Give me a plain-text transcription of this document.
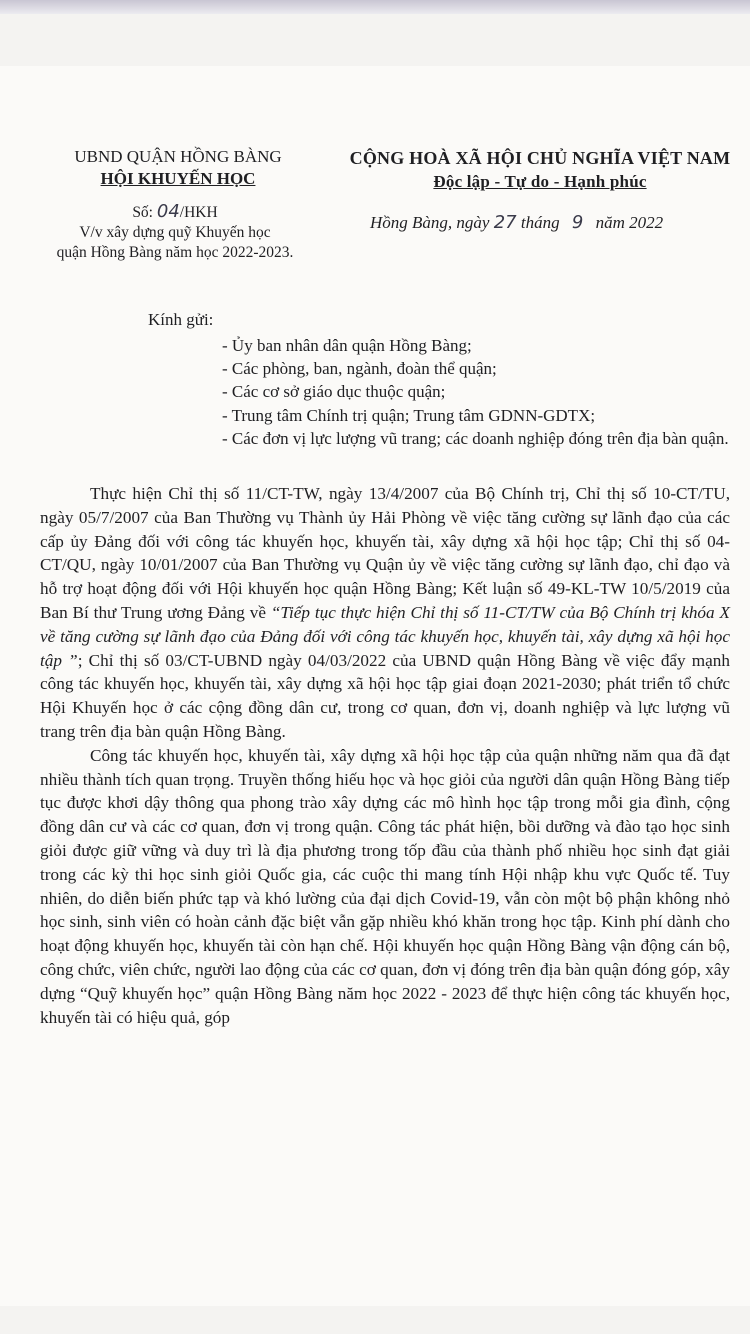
UBND QUẬN HỒNG BÀNG
HỘI KHUYẾN HỌC
CỘNG HOÀ XÃ HỘI CHỦ NGHĨA VIỆT NAM
Độc lập - Tự do - Hạnh phúc
Số: 04/HKH
V/v xây dựng quỹ Khuyến học
quận Hồng Bàng năm học 2022-2023.
Hồng Bàng, ngày 27 tháng 9 năm 2022
Kính gửi:
- Ủy ban nhân dân quận Hồng Bàng;
- Các phòng, ban, ngành, đoàn thể quận;
- Các cơ sở giáo dục thuộc quận;
- Trung tâm Chính trị quận; Trung tâm GDNN-GDTX;
- Các đơn vị lực lượng vũ trang; các doanh nghiệp đóng trên địa bàn quận.

Thực hiện Chỉ thị số 11/CT-TW, ngày 13/4/2007 của Bộ Chính trị, Chỉ thị số 10-CT/TU, ngày 05/7/2007 của Ban Thường vụ Thành ủy Hải Phòng về việc tăng cường sự lãnh đạo của các cấp ủy Đảng đối với công tác khuyến học, khuyến tài, xây dựng xã hội học tập; Chỉ thị số 04-CT/QU, ngày 10/01/2007 của Ban Thường vụ Quận ủy về việc tăng cường sự lãnh đạo, chỉ đạo và hỗ trợ hoạt động đối với Hội khuyến học quận Hồng Bàng; Kết luận số 49-KL-TW 10/5/2019 của Ban Bí thư Trung ương Đảng về “Tiếp tục thực hiện Chỉ thị số 11-CT/TW của Bộ Chính trị khóa X về tăng cường sự lãnh đạo của Đảng đối với công tác khuyến học, khuyến tài, xây dựng xã hội học tập ”; Chỉ thị số 03/CT-UBND ngày 04/03/2022 của UBND quận Hồng Bàng về việc đẩy mạnh công tác khuyến học, khuyến tài, xây dựng xã hội học tập giai đoạn 2021-2030; phát triển tổ chức Hội Khuyến học ở các cộng đồng dân cư, trong cơ quan, đơn vị, doanh nghiệp và lực lượng vũ trang trên địa bàn quận Hồng Bàng.

Công tác khuyến học, khuyến tài, xây dựng xã hội học tập của quận những năm qua đã đạt nhiều thành tích quan trọng. Truyền thống hiếu học và học giỏi của người dân quận Hồng Bàng tiếp tục được khơi dậy thông qua phong trào xây dựng các mô hình học tập trong mỗi gia đình, cộng đồng dân cư và các cơ quan, đơn vị trong quận. Công tác phát hiện, bồi dưỡng và đào tạo học sinh giỏi được giữ vững và duy trì là địa phương trong tốp đầu của thành phố nhiều học sinh đạt giải trong các kỳ thi học sinh giỏi Quốc gia, các cuộc thi mang tính Hội nhập khu vực Quốc tế. Tuy nhiên, do diễn biến phức tạp và khó lường của đại dịch Covid-19, vẫn còn một bộ phận không nhỏ học sinh, sinh viên có hoàn cảnh đặc biệt vẫn gặp nhiều khó khăn trong học tập. Kinh phí dành cho hoạt động khuyến học, khuyến tài còn hạn chế. Hội khuyến học quận Hồng Bàng vận động cán bộ, công chức, viên chức, người lao động của các cơ quan, đơn vị đóng trên địa bàn quận đóng góp, xây dựng “Quỹ khuyến học” quận Hồng Bàng năm học 2022 - 2023 để thực hiện công tác khuyến học, khuyến tài có hiệu quả, góp
